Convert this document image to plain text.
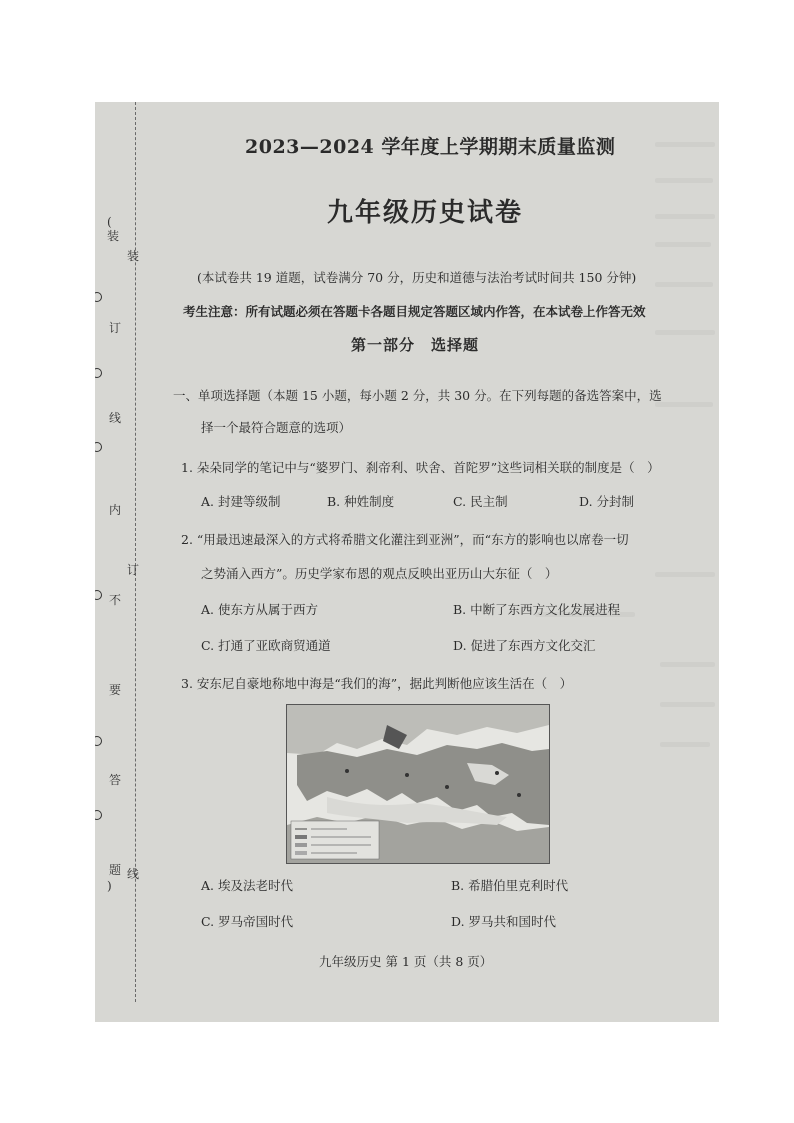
(
装
订
线
内
不
要
答
题
)
装
订
线
2023—2024 学年度上学期期末质量监测
九年级历史试卷
(本试卷共 19 道题，试卷满分 70 分，历史和道德与法治考试时间共 150 分钟)
考生注意：所有试题必须在答题卡各题目规定答题区域内作答，在本试卷上作答无效
第一部分　选择题
一、单项选择题（本题 15 小题，每小题 2 分，共 30 分。在下列每题的备选答案中，选
择一个最符合题意的选项）
1. 朵朵同学的笔记中与“婆罗门、刹帝利、吠舍、首陀罗”这些词相关联的制度是（　）
A. 封建等级制	B. 种姓制度	C. 民主制	D. 分封制
2. “用最迅速最深入的方式将希腊文化灌注到亚洲”，而“东方的影响也以席卷一切
之势涌入西方”。历史学家布恩的观点反映出亚历山大东征（　）
A. 使东方从属于西方	B. 中断了东西方文化发展进程
C. 打通了亚欧商贸通道	D. 促进了东西方文化交汇
3. 安东尼自豪地称地中海是“我们的海”，据此判断他应该生活在（　）
A. 埃及法老时代	B. 希腊伯里克利时代
C. 罗马帝国时代	D. 罗马共和国时代
九年级历史 第 1 页（共 8 页）
